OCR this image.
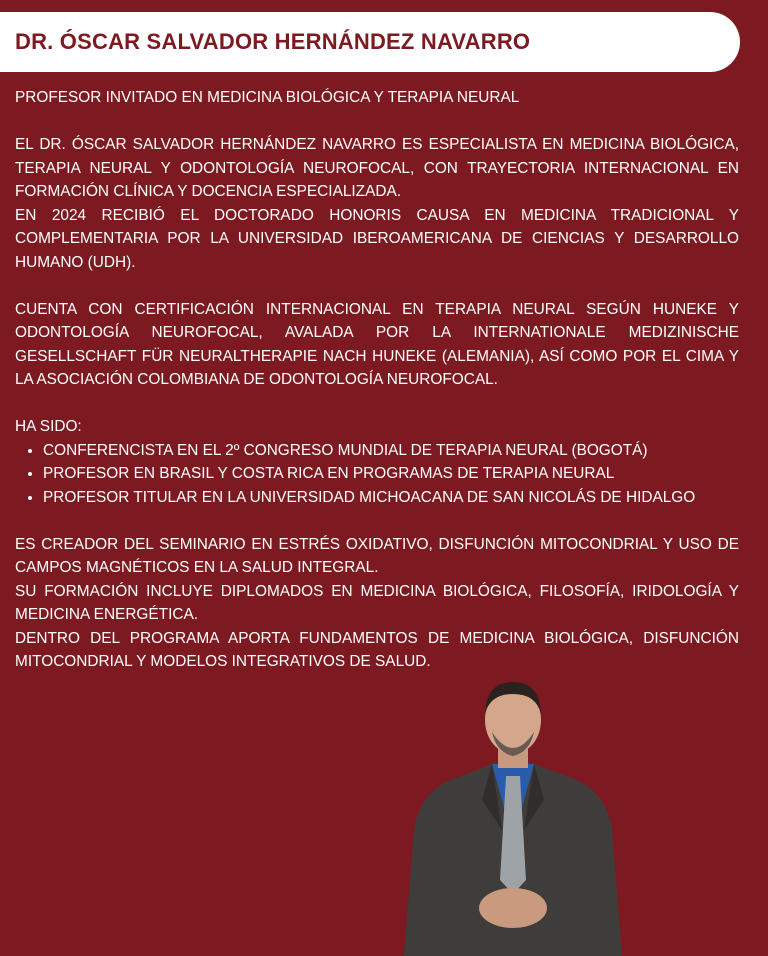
DR. ÓSCAR SALVADOR HERNÁNDEZ NAVARRO

PROFESOR INVITADO EN MEDICINA BIOLÓGICA Y TERAPIA NEURAL

EL DR. ÓSCAR SALVADOR HERNÁNDEZ NAVARRO ES ESPECIALISTA EN MEDICINA BIOLÓGICA, TERAPIA NEURAL Y ODONTOLOGÍA NEUROFOCAL, CON TRAYECTORIA INTERNACIONAL EN FORMACIÓN CLÍNICA Y DOCENCIA ESPECIALIZADA.

EN 2024 RECIBIÓ EL DOCTORADO HONORIS CAUSA EN MEDICINA TRADICIONAL Y COMPLEMENTARIA POR LA UNIVERSIDAD IBEROAMERICANA DE CIENCIAS Y DESARROLLO HUMANO (UDH).

CUENTA CON CERTIFICACIÓN INTERNACIONAL EN TERAPIA NEURAL SEGÚN HUNEKE Y ODONTOLOGÍA NEUROFOCAL, AVALADA POR LA INTERNATIONALE MEDIZINISCHE GESELLSCHAFT FÜR NEURALTHERAPIE NACH HUNEKE (ALEMANIA), ASÍ COMO POR EL CIMA Y LA ASOCIACIÓN COLOMBIANA DE ODONTOLOGÍA NEUROFOCAL.

HA SIDO:

• CONFERENCISTA EN EL 2º CONGRESO MUNDIAL DE TERAPIA NEURAL (BOGOTÁ)
• PROFESOR EN BRASIL Y COSTA RICA EN PROGRAMAS DE TERAPIA NEURAL
• PROFESOR TITULAR EN LA UNIVERSIDAD MICHOACANA DE SAN NICOLÁS DE HIDALGO

ES CREADOR DEL SEMINARIO EN ESTRÉS OXIDATIVO, DISFUNCIÓN MITOCONDRIAL Y USO DE CAMPOS MAGNÉTICOS EN LA SALUD INTEGRAL.

SU FORMACIÓN INCLUYE DIPLOMADOS EN MEDICINA BIOLÓGICA, FILOSOFÍA, IRIDOLOGÍA Y MEDICINA ENERGÉTICA.

DENTRO DEL PROGRAMA APORTA FUNDAMENTOS DE MEDICINA BIOLÓGICA, DISFUNCIÓN MITOCONDRIAL Y MODELOS INTEGRATIVOS DE SALUD.
